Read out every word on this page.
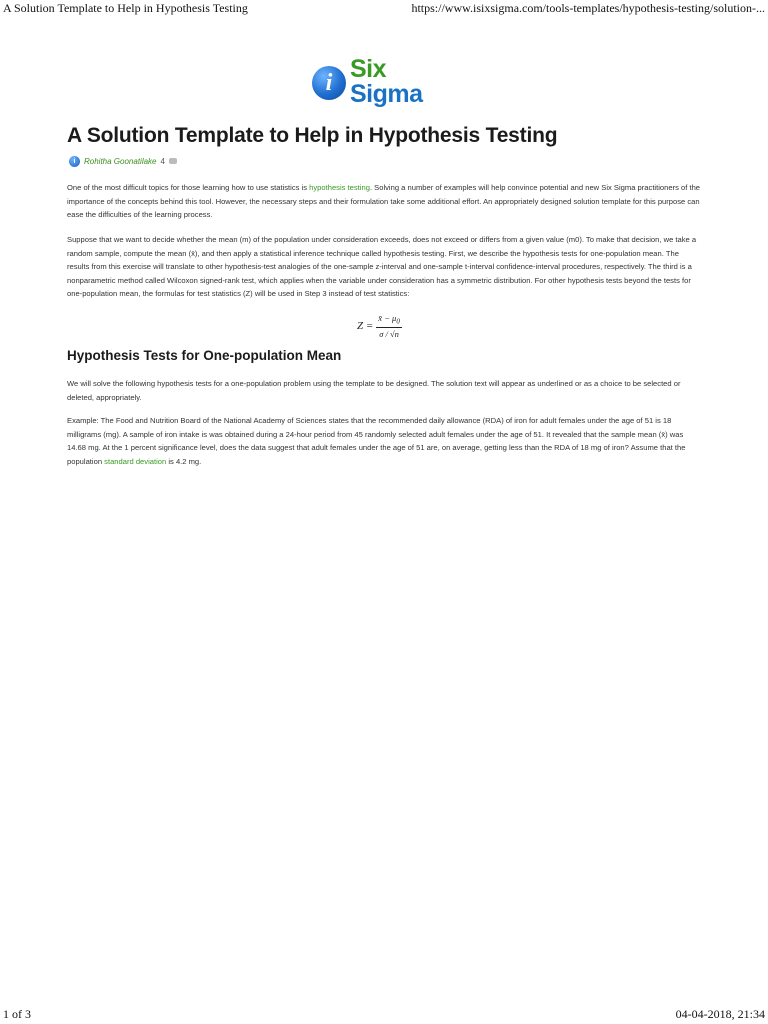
A Solution Template to Help in Hypothesis Testing	https://www.isixsigma.com/tools-templates/hypothesis-testing/solution-...
i Six
Sigma
A Solution Template to Help in Hypothesis Testing
i	Rohitha Goonatilake 4

One of the most difficult topics for those learning how to use statistics is hypothesis testing. Solving a number of examples will help convince potential and new Six Sigma practitioners of the importance of the concepts behind this tool. However, the necessary steps and their formulation take some additional effort. An appropriately designed solution template for this purpose can ease the difficulties of the learning process.

Suppose that we want to decide whether the mean (m) of the population under consideration exceeds, does not exceed or differs from a given value (m0). To make that decision, we take a random sample, compute the mean (x̄), and then apply a statistical inference technique called hypothesis testing. First, we describe the hypothesis tests for one-population mean. The results from this exercise will translate to other hypothesis-test analogies of the one-sample z-interval and one-sample t-interval confidence-interval procedures, respectively. The third is a nonparametric method called Wilcoxon signed-rank test, which applies when the variable under consideration has a symmetric distribution. For other hypothesis tests beyond the tests for one-population mean, the formulas for test statistics (Z) will be used in Step 3 instead of test statistics:

$Z = \frac{x̄ - \mu_0}{\sigma / √n}$
Hypothesis Tests for One-population Mean

We will solve the following hypothesis tests for a one-population problem using the template to be designed. The solution text will appear as underlined or as a choice to be selected or deleted, appropriately.

Example: The Food and Nutrition Board of the National Academy of Sciences states that the recommended daily allowance (RDA) of iron for adult females under the age of 51 is 18 milligrams (mg). A sample of iron intake is was obtained during a 24-hour period from 45 randomly selected adult females under the age of 51. It revealed that the sample mean (x̄) was 14.68 mg. At the 1 percent significance level, does the data suggest that adult females under the age of 51 are, on average, getting less than the RDA of 18 mg of iron? Assume that the population standard deviation is 4.2 mg.

1 of 3	04-04-2018, 21:34
